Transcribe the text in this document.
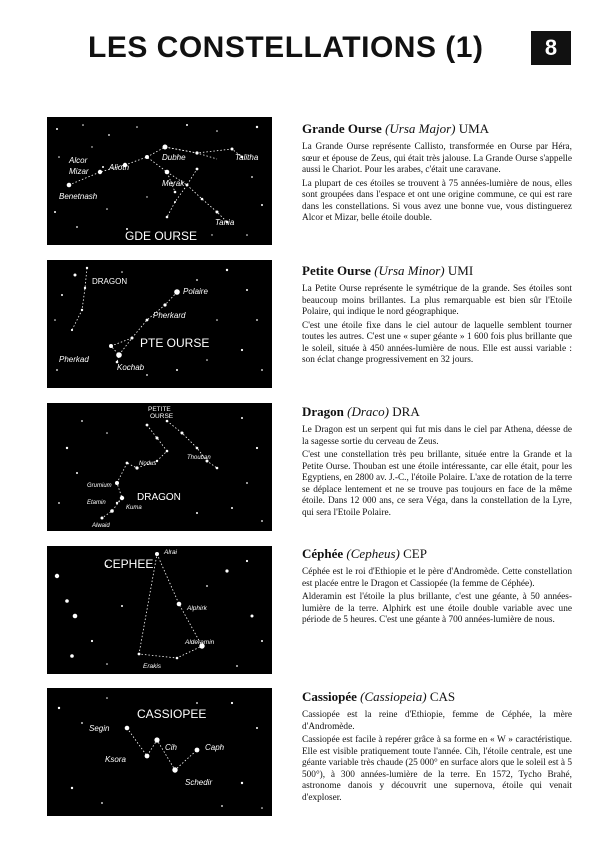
LES CONSTELLATIONS (1)	8
Alcor
Mizar
Benetnash
Alioth
Dubhe
Merak
Talitha
Tania
GDE OURSE
Grande Ourse (Ursa Major) UMA

La Grande Ourse représente Callisto, transformée en Ourse par Héra, sœur et épouse de Zeus, qui était très jalouse. La Grande Ourse s'appelle aussi le Chariot. Pour les arabes, c'était une caravane.

La plupart de ces étoiles se trouvent à 75 années-lumière de nous, elles sont groupées dans l'espace et ont une origine commune, ce qui est rare dans les constellations. Si vous avez une bonne vue, vous distinguerez Alcor et Mizar, belle étoile double.

DRAGON
Polaire
Pherkard
Pherkad
Kochab
PTE OURSE
Petite Ourse (Ursa Minor) UMI

La Petite Ourse représente le symétrique de la grande. Ses étoiles sont beaucoup moins brillantes. La plus remarquable est bien sûr l'Etoile Polaire, qui indique le nord géographique.

C'est une étoile fixe dans le ciel autour de laquelle semblent tourner toutes les autres. C'est une « super géante » 1 600 fois plus brillante que le soleil, située à 450 années-lumière de nous. Elle est aussi variable : son éclat change progressivement en 32 jours.

PETITE
OURSE
Thouban
Nodus
Grumium
Etamin
Kuma
Alwaid
DRAGON
Dragon (Draco) DRA

Le Dragon est un serpent qui fut mis dans le ciel par Athena, déesse de la sagesse sortie du cerveau de Zeus.

C'est une constellation très peu brillante, située entre la Grande et la Petite Ourse. Thouban est une étoile intéressante, car elle était, pour les Egyptiens, en 2800 av. J.-C., l'étoile Polaire. L'axe de rotation de la terre se déplace lentement et ne se trouve pas toujours en face de la même étoile. Dans 12 000 ans, ce sera Véga, dans la constellation de la Lyre, qui sera l'Etoile Polaire.

Alrai
Alphirk
Alderamin
Erakis
CEPHEE
Céphée (Cepheus) CEP

Céphée est le roi d'Ethiopie et le père d'Andromède. Cette constellation est placée entre le Dragon et Cassiopée (la femme de Céphée).

Alderamin est l'étoile la plus brillante, c'est une géante, à 50 années-lumière de la terre. Alphirk est une étoile double variable avec une période de 5 heures. C'est une géante à 700 années-lumière de nous.

Segin
Ksora
Cih	Caph
Schedir
CASSIOPEE
Cassiopée (Cassiopeia) CAS

Cassiopée est la reine d'Ethiopie, femme de Céphée, la mère d'Andromède.

Cassiopée est facile à repérer grâce à sa forme en « W » caractéristique. Elle est visible pratiquement toute l'année. Cih, l'étoile centrale, est une géante variable très chaude (25 000° en surface alors que le soleil est à 5 500°), à 300 années-lumière de la terre. En 1572, Tycho Brahé, astronome danois y découvrit une supernova, étoile qui venait d'exploser.
